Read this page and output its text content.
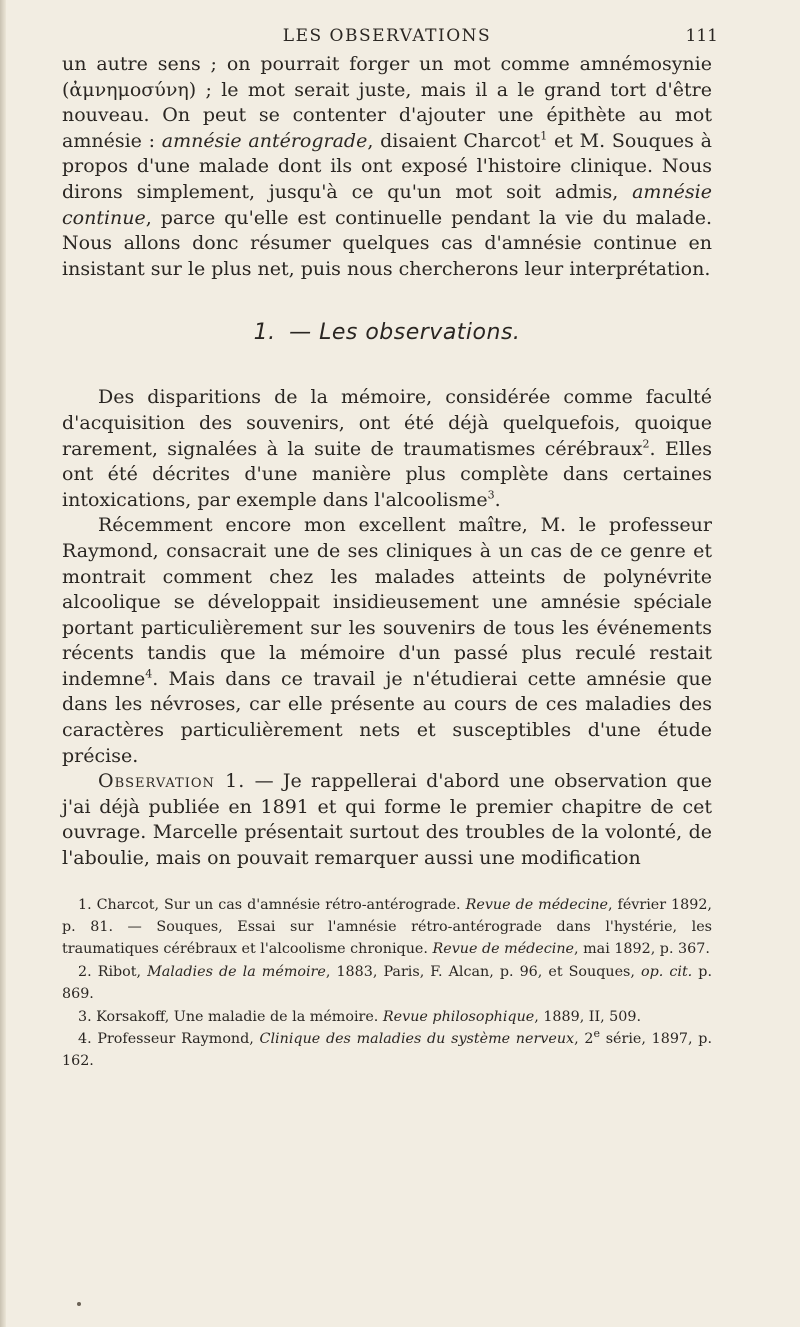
LES OBSERVATIONS	111

un autre sens ; on pourrait forger un mot comme amnémosynie (ἀμνημοσύνη) ; le mot serait juste, mais il a le grand tort d'être nouveau. On peut se contenter d'ajouter une épithète au mot amnésie : amnésie antérograde, disaient Charcot$^1$ et M. Souques à propos d'une malade dont ils ont exposé l'histoire clinique. Nous dirons simplement, jusqu'à ce qu'un mot soit admis, amnésie continue, parce qu'elle est continuelle pendant la vie du malade. Nous allons donc résumer quelques cas d'amnésie continue en insistant sur le plus net, puis nous chercherons leur interprétation.

1. — Les observations.

Des disparitions de la mémoire, considérée comme faculté d'acquisition des souvenirs, ont été déjà quelquefois, quoique rarement, signalées à la suite de traumatismes cérébraux$^2$. Elles ont été décrites d'une manière plus complète dans certaines intoxications, par exemple dans l'alcoolisme$^3$.

Récemment encore mon excellent maître, M. le professeur Raymond, consacrait une de ses cliniques à un cas de ce genre et montrait comment chez les malades atteints de polynévrite alcoolique se développait insidieusement une amnésie spéciale portant particulièrement sur les souvenirs de tous les événements récents tandis que la mémoire d'un passé plus reculé restait indemne$^4$. Mais dans ce travail je n'étudierai cette amnésie que dans les névroses, car elle présente au cours de ces maladies des caractères particulièrement nets et susceptibles d'une étude précise.

Observation 1. — Je rappellerai d'abord une observation que j'ai déjà publiée en 1891 et qui forme le premier chapitre de cet ouvrage. Marcelle présentait surtout des troubles de la volonté, de l'aboulie, mais on pouvait remarquer aussi une modification

1. Charcot, Sur un cas d'amnésie rétro-antérograde. Revue de médecine, février 1892, p. 81. — Souques, Essai sur l'amnésie rétro-antérograde dans l'hystérie, les traumatiques cérébraux et l'alcoolisme chronique. Revue de médecine, mai 1892, p. 367.

2. Ribot, Maladies de la mémoire, 1883, Paris, F. Alcan, p. 96, et Souques, op. cit. p. 869.

3. Korsakoff, Une maladie de la mémoire. Revue philosophique, 1889, II, 509.

4. Professeur Raymond, Clinique des maladies du système nerveux, 2e série, 1897, p. 162.
